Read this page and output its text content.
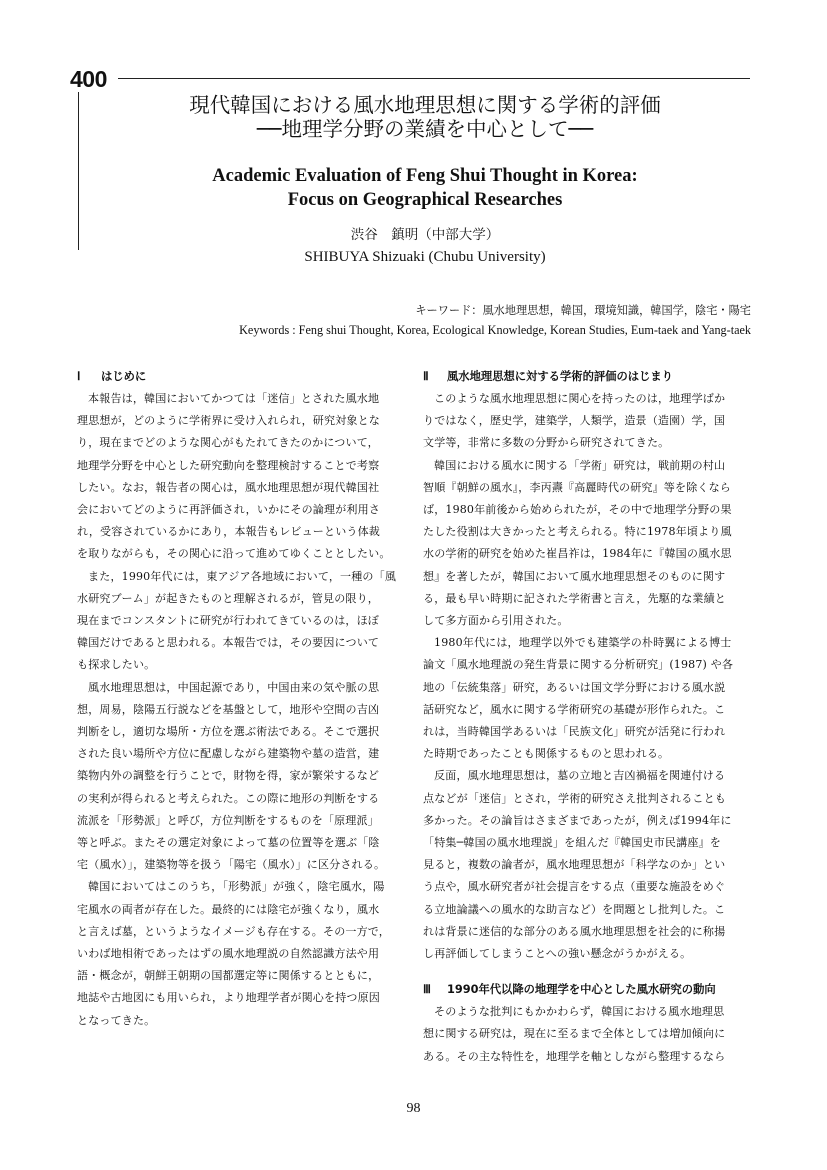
400
現代韓国における風水地理思想に関する学術的評価
──地理学分野の業績を中心として──
Academic Evaluation of Feng Shui Thought in Korea:
Focus on Geographical Researches
渋谷　鎮明（中部大学）
SHIBUYA Shizuaki (Chubu University)
キーワード：風水地理思想，韓国，環境知識，韓国学，陰宅・陽宅
Keywords : Feng shui Thought, Korea, Ecological Knowledge, Korean Studies, Eum-taek and Yang-taek
Ⅰ はじめに

本報告は，韓国においてかつては「迷信」とされた風水地
理思想が，どのように学術界に受け入れられ，研究対象とな
り，現在までどのような関心がもたれてきたのかについて，
地理学分野を中心とした研究動向を整理検討することで考察
したい。なお，報告者の関心は，風水地理思想が現代韓国社
会においてどのように再評価され，いかにその論理が利用さ
れ，受容されているかにあり，本報告もレビューという体裁
を取りながらも，その関心に沿って進めてゆくこととしたい。

また，1990年代には，東アジア各地域において，一種の「風
水研究ブーム」が起きたものと理解されるが，管見の限り，
現在までコンスタントに研究が行われてきているのは，ほぼ
韓国だけであると思われる。本報告では，その要因について
も探求したい。

風水地理思想は，中国起源であり，中国由来の気や脈の思
想，周易，陰陽五行説などを基盤として，地形や空間の吉凶
判断をし，適切な場所・方位を選ぶ術法である。そこで選択
された良い場所や方位に配慮しながら建築物や墓の造営，建
築物内外の調整を行うことで，財物を得，家が繁栄するなど
の実利が得られると考えられた。この際に地形の判断をする
流派を「形勢派」と呼び，方位判断をするものを「原理派」
等と呼ぶ。またその選定対象によって墓の位置等を選ぶ「陰
宅（風水）」，建築物等を扱う「陽宅（風水）」に区分される。

韓国においてはこのうち，「形勢派」が強く，陰宅風水，陽
宅風水の両者が存在した。最終的には陰宅が強くなり，風水
と言えば墓，というようなイメージも存在する。その一方で，
いわば地相術であったはずの風水地理説の自然認識方法や用
語・概念が，朝鮮王朝期の国都選定等に関係するとともに，
地誌や古地図にも用いられ，より地理学者が関心を持つ原因
となってきた。

Ⅱ 風水地理思想に対する学術的評価のはじまり

このような風水地理思想に関心を持ったのは，地理学ばか
りではなく，歴史学，建築学，人類学，造景（造園）学，国
文学等，非常に多数の分野から研究されてきた。

韓国における風水に関する「学術」研究は，戦前期の村山
智順『朝鮮の風水』，李丙燾『高麗時代の研究』等を除くなら
ば，1980年前後から始められたが，その中で地理学分野の果
たした役割は大きかったと考えられる。特に1978年頃より風
水の学術的研究を始めた崔昌祚は，1984年に『韓国の風水思
想』を著したが，韓国において風水地理思想そのものに関す
る，最も早い時期に記された学術書と言え，先駆的な業績と
して多方面から引用された。

1980年代には，地理学以外でも建築学の朴時翼による博士
論文「風水地理説の発生背景に関する分析研究」(1987) や各
地の「伝統集落」研究，あるいは国文学分野における風水説
話研究など，風水に関する学術研究の基礎が形作られた。こ
れは，当時韓国学あるいは「民族文化」研究が活発に行われ
た時期であったことも関係するものと思われる。

反面，風水地理思想は，墓の立地と吉凶禍福を関連付ける
点などが「迷信」とされ，学術的研究さえ批判されることも
多かった。その論旨はさまざまであったが，例えば1994年に
「特集─韓国の風水地理説」を組んだ『韓国史市民講座』を
見ると，複数の論者が，風水地理思想が「科学なのか」とい
う点や，風水研究者が社会提言をする点（重要な施設をめぐ
る立地論議への風水的な助言など）を問題とし批判した。こ
れは背景に迷信的な部分のある風水地理思想を社会的に称揚
し再評価してしまうことへの強い懸念がうかがえる。

Ⅲ 1990年代以降の地理学を中心とした風水研究の動向

そのような批判にもかかわらず，韓国における風水地理思
想に関する研究は，現在に至るまで全体としては増加傾向に
ある。その主な特性を，地理学を軸としながら整理するなら

98
